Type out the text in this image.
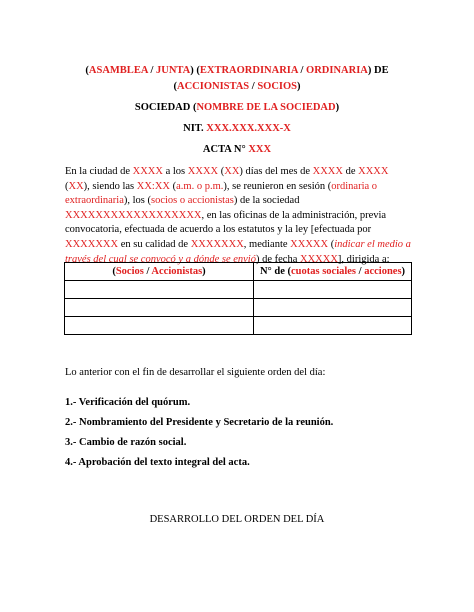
(ASAMBLEA / JUNTA) (EXTRAORDINARIA / ORDINARIA) DE
(ACCIONISTAS / SOCIOS)
SOCIEDAD (NOMBRE DE LA SOCIEDAD)
NIT. XXX.XXX.XXX-X
ACTA N° XXX
En la ciudad de XXXX a los XXXX (XX) días del mes de XXXX de XXXX (XX), siendo las XX:XX (a.m. o p.m.), se reunieron en sesión (ordinaria o extraordinaria), los (socios o accionistas) de la sociedad XXXXXXXXXXXXXXXXXX, en las oficinas de la administración, previa convocatoria, efectuada de acuerdo a los estatutos y la ley [efectuada por XXXXXXX en su calidad de XXXXXXX, mediante XXXXX (indicar el medio a través del cual se convocó y a dónde se envió) de fecha XXXXX], dirigida a:
(Socios / Accionistas)	N° de (cuotas sociales / acciones)

Lo anterior con el fin de desarrollar el siguiente orden del día:
1.- Verificación del quórum.
2.- Nombramiento del Presidente y Secretario de la reunión.
3.- Cambio de razón social.
4.- Aprobación del texto integral del acta.
DESARROLLO DEL ORDEN DEL DÍA
